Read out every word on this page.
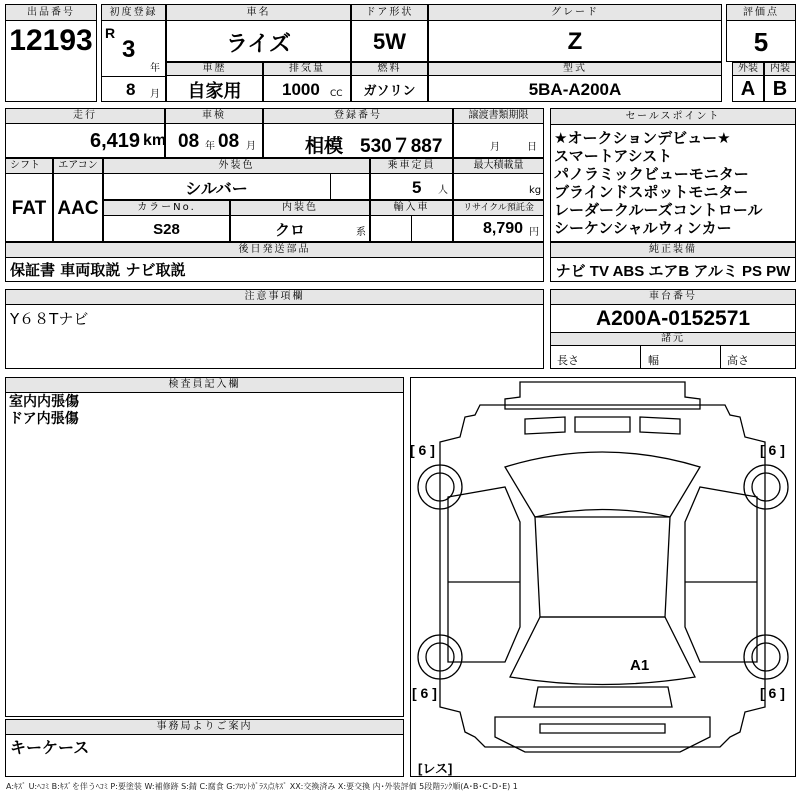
出品番号
12193
初度登録
R
3
年
8 月
車名
ライズ
ドア形状
5W
グレード
Z
評価点
5
車歴
自家用
排気量
1000 CC
燃料
ガソリン
型式
5BA-A200A
外装
A
内装
B
走行
6,419 km
車検
08 年 08 月
登録番号
相模 530７887
譲渡書類期限
月	日
シフト
FAT
エアコン
AAC
外装色
シルバー
乗車定員
5 人
最大積載量
kg
カラーNo.
S28
内装色
クロ	系
輸入車	リサイクル預託金
8,790 円
後日発送部品
保証書 車両取説 ナビ取説
セールスポイント
★オークションデビュー★
スマートアシスト
パノラミックビューモニター
ブラインドスポットモニター
レーダークルーズコントロール
シーケンシャルウィンカー
純正装備
ナビ TV ABS エアB アルミ PS PW
注意事項欄
Y６８Tナビ
車台番号
A200A-0152571
諸元
長さ	幅	高さ
検査員記入欄
室内内張傷
ドア内張傷
[ 6 ]	[ 6 ]
[ 6 ]	[ 6 ]
A1
[レス]
事務局よりご案内
キーケース
A:ｷｽﾞ U:ﾍｺﾐ B:ｷｽﾞを伴うﾍｺﾐ P:要塗装 W:補修跡 S:錆 C:腐食 G:ﾌﾛﾝﾄｶﾞﾗｽ点ｷｽﾞ XX:交換済み X:要交換 内･外装評価 5段階ﾗﾝｸ順(A･B･C･D･E) 1
